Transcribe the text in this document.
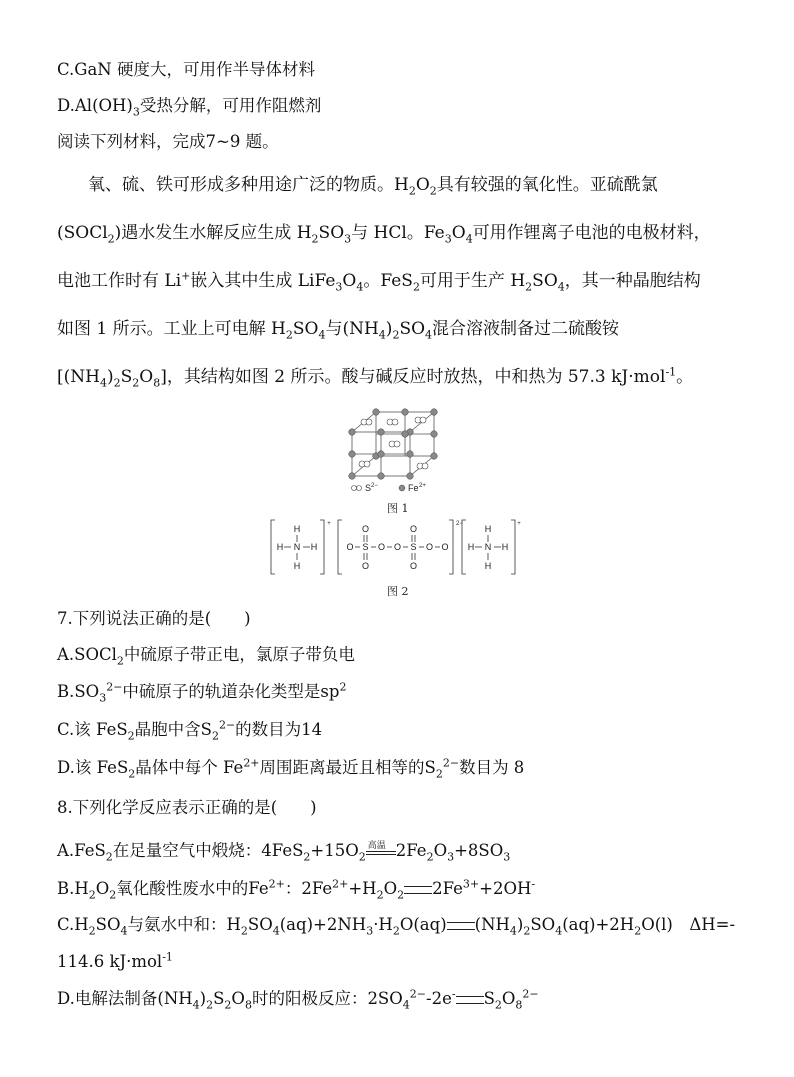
C.GaN 硬度大，可用作半导体材料
$D.Al(OH)_3$受热分解，可用作阻燃剂
阅读下列材料，完成7~9 题。
氧、硫、铁可形成多种用途广泛的物质。$H_2O_2$具有较强的氧化性。亚硫酰氯
(SOCl$_2$)遇水发生水解反应生成 $H_2SO_3$与 HCl。$Fe_3O_4$可用作锂离子电池的电极材料，
电池工作时有 Li+嵌入其中生成 $LiFe_3O_4$。FeS$_2$可用于生产 $H_2SO_4$，其一种晶胞结构
如图 1 所示。工业上可电解 $H_2SO_4$与$(NH_4)_2SO_4$混合溶液制备过二硫酸铵
$[(NH_4)_2S_2O_8]$，其结构如图 2 所示。酸与碱反应时放热，中和热为 57.3 kJ·mol$^{-1}$。
S 2−	Fe 2+
图 1
H
N
H
H	H
+
O S
O
O
O O S
O
O
O O
2− H
N
H
H	H
+
图 2
7.下列说法正确的是(　　)
A.SOCl$_2$中硫原子带正电，氯原子带负电
$B.SO_3^{2-}$中硫原子的轨道杂化类型是$sp^2$
C.该 FeS$_2$晶胞中含$S_2^{2-}$的数目为14
D.该 FeS$_2$晶体中每个 $Fe^{2+}$周围距离最近且相等的$S_2^{2-}$数目为 8
8.下列化学反应表示正确的是(　　)
A.FeS$_2$在足量空气中煅烧：$4FeS_2+15O_2$
高温 $2Fe_2O_3+8SO_3$
$B.H_2O_2$氧化酸性废水中的$Fe^{2+}$：$2Fe^{2+}+H_2O_2$ $2Fe^{3+}+2OH^-$
$C.H_2SO_4$与氨水中和：$H_2SO_4(aq)+2NH_3\cdot H_2O(aq)$ $(NH_4)_2SO_4(aq)+2H_2O(l)$　ΔH=-
114.6 kJ·mol$^{-1}$
D.电解法制备$(NH_4)_2S_2O_8$时的阳极反应：$2SO_4^{2-}-2e^-$ $S_2O_8^{2-}$
